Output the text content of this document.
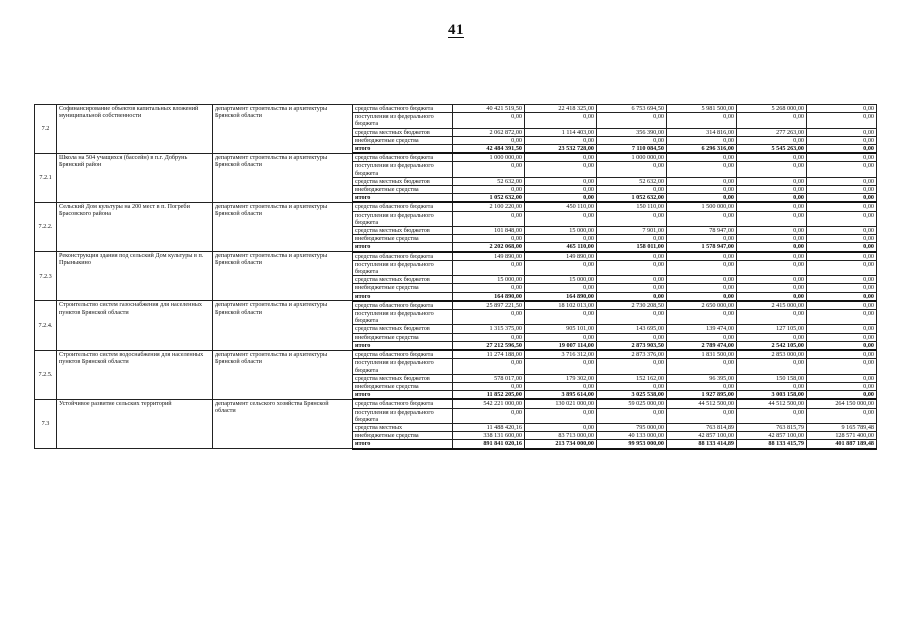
41
7.2	Софинансирование объектов капитальных вложений муниципальной собственности	департамент строительства и архитектуры Брянской области	средства областного бюджета	40 421 519,50	22 418 325,00	6 753 694,50	5 981 500,00	5 268 000,00	0,00
			поступления из федерального бюджета	0,00	0,00	0,00	0,00	0,00	0,00
			средства местных бюджетов	2 062 872,00	1 114 403,00	356 390,00	314 816,00	277 263,00	0,00
			внебюджетные средства	0,00	0,00	0,00	0,00	0,00	0,00
			итого	42 484 391,50	23 532 728,00	7 110 084,50	6 296 316,00	5 545 263,00	0,00
7.2.1	Школа на 504 учащихся (бассейн) в п.г. Добрунь Брянский район	департамент строительства и архитектуры Брянской области	средства областного бюджета	1 000 000,00	0,00	1 000 000,00	0,00	0,00	0,00
			поступления из федерального бюджета	0,00	0,00	0,00	0,00	0,00	0,00
			средства местных бюджетов	52 632,00	0,00	52 632,00	0,00	0,00	0,00
			внебюджетные средства	0,00	0,00	0,00	0,00	0,00	0,00
			итого	1 052 632,00	0,00	1 052 632,00	0,00	0,00	0,00
7.2.2.	Сельский Дом культуры на 200 мест в п. Погреби Брасовского района	департамент строительства и архитектуры Брянской области	средства областного бюджета	2 100 220,00	450 110,00	150 110,00	1 500 000,00	0,00	0,00
			поступления из федерального бюджета	0,00	0,00	0,00	0,00	0,00	0,00
			средства местных бюджетов	101 848,00	15 000,00	7 901,00	78 947,00	0,00	0,00
			внебюджетные средства	0,00	0,00	0,00	0,00	0,00	0,00
			итого	2 202 068,00	465 110,00	158 011,00	1 578 947,00	0,00	0,00
7.2.3	Реконструкция здания под сельский Дом культуры в п. Прыныкино	департамент строительства и архитектуры Брянской области	средства областного бюджета	149 890,00	149 890,00	0,00	0,00	0,00	0,00
			поступления из федерального бюджета	0,00	0,00	0,00	0,00	0,00	0,00
			средства местных бюджетов	15 000,00	15 000,00	0,00	0,00	0,00	0,00
			внебюджетные средства	0,00	0,00	0,00	0,00	0,00	0,00
			итого	164 890,00	164 890,00	0,00	0,00	0,00	0,00
7.2.4.	Строительство систем газоснабжения для населенных пунктов Брянской области	департамент строительства и архитектуры Брянской области	средства областного бюджета	25 897 221,50	18 102 013,00	2 730 208,50	2 650 000,00	2 415 000,00	0,00
			поступления из федерального бюджета	0,00	0,00	0,00	0,00	0,00	0,00
			средства местных бюджетов	1 315 375,00	905 101,00	143 695,00	139 474,00	127 105,00	0,00
			внебюджетные средства	0,00	0,00	0,00	0,00	0,00	0,00
			итого	27 212 596,50	19 007 114,00	2 873 903,50	2 789 474,00	2 542 105,00	0,00
7.2.5.	Строительство систем водоснабжения для населенных пунктов Брянской области	департамент строительства и архитектуры Брянской области	средства областного бюджета	11 274 188,00	3 716 312,00	2 873 376,00	1 831 500,00	2 853 000,00	0,00
			поступления из федерального бюджета	0,00	0,00	0,00	0,00	0,00	0,00
			средства местных бюджетов	578 017,00	179 302,00	152 162,00	96 395,00	150 158,00	0,00
			внебюджетные средства	0,00	0,00	0,00	0,00	0,00	0,00
			итого	11 852 205,00	3 895 614,00	3 025 538,00	1 927 895,00	3 003 158,00	0,00
7.3	Устойчивое развитие сельских территорий	департамент сельского хозяйства Брянской области	средства областного бюджета	542 221 000,00	130 021 000,00	59 025 000,00	44 512 500,00	44 512 500,00	264 150 000,00
			поступления из федерального бюджета	0,00	0,00	0,00	0,00	0,00	0,00
			средства местных	11 488 420,16	0,00	795 000,00	763 814,89	763 815,79	9 165 789,48
			внебюджетные средства	338 131 600,00	83 713 000,00	40 133 000,00	42 857 100,00	42 857 100,00	128 571 400,00
			итого	891 841 020,16	213 734 000,00	99 953 000,00	88 133 414,89	88 133 415,79	401 887 189,48
